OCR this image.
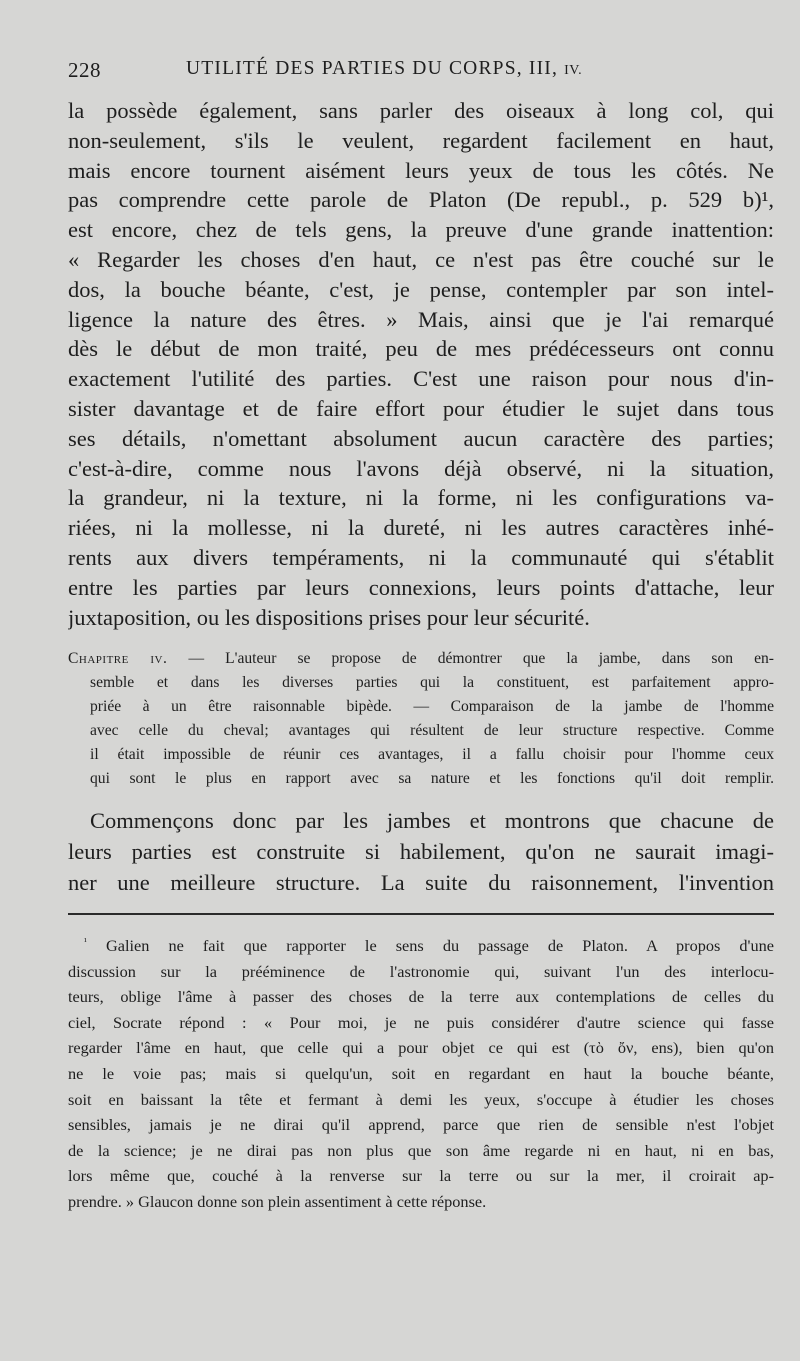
228	UTILITÉ DES PARTIES DU CORPS, III, IV.
la possède également, sans parler des oiseaux à long col, qui
non-seulement, s'ils le veulent, regardent facilement en haut,
mais encore tournent aisément leurs yeux de tous les côtés. Ne
pas comprendre cette parole de Platon (De republ., p. 529 b)¹,
est encore, chez de tels gens, la preuve d'une grande inattention:
« Regarder les choses d'en haut, ce n'est pas être couché sur le
dos, la bouche béante, c'est, je pense, contempler par son intel-
ligence la nature des êtres. » Mais, ainsi que je l'ai remarqué
dès le début de mon traité, peu de mes prédécesseurs ont connu
exactement l'utilité des parties. C'est une raison pour nous d'in-
sister davantage et de faire effort pour étudier le sujet dans tous
ses détails, n'omettant absolument aucun caractère des parties;
c'est-à-dire, comme nous l'avons déjà observé, ni la situation,
la grandeur, ni la texture, ni la forme, ni les configurations va-
riées, ni la mollesse, ni la dureté, ni les autres caractères inhé-
rents aux divers tempéraments, ni la communauté qui s'établit
entre les parties par leurs connexions, leurs points d'attache, leur
juxtaposition, ou les dispositions prises pour leur sécurité.
Chapitre iv. — L'auteur se propose de démontrer que la jambe, dans son en-
semble et dans les diverses parties qui la constituent, est parfaitement appro-
priée à un être raisonnable bipède. — Comparaison de la jambe de l'homme
avec celle du cheval; avantages qui résultent de leur structure respective. Comme
il était impossible de réunir ces avantages, il a fallu choisir pour l'homme ceux
qui sont le plus en rapport avec sa nature et les fonctions qu'il doit remplir.
Commençons donc par les jambes et montrons que chacune de
leurs parties est construite si habilement, qu'on ne saurait imagi-
ner une meilleure structure. La suite du raisonnement, l'invention
$^{^1}$ Galien ne fait que rapporter le sens du passage de Platon. A propos d'une
discussion sur la prééminence de l'astronomie qui, suivant l'un des interlocu-
teurs, oblige l'âme à passer des choses de la terre aux contemplations de celles du
ciel, Socrate répond : « Pour moi, je ne puis considérer d'autre science qui fasse
regarder l'âme en haut, que celle qui a pour objet ce qui est (τὸ ὄν, ens), bien qu'on
ne le voie pas; mais si quelqu'un, soit en regardant en haut la bouche béante,
soit en baissant la tête et fermant à demi les yeux, s'occupe à étudier les choses
sensibles, jamais je ne dirai qu'il apprend, parce que rien de sensible n'est l'objet
de la science; je ne dirai pas non plus que son âme regarde ni en haut, ni en bas,
lors même que, couché à la renverse sur la terre ou sur la mer, il croirait ap-
prendre. » Glaucon donne son plein assentiment à cette réponse.
